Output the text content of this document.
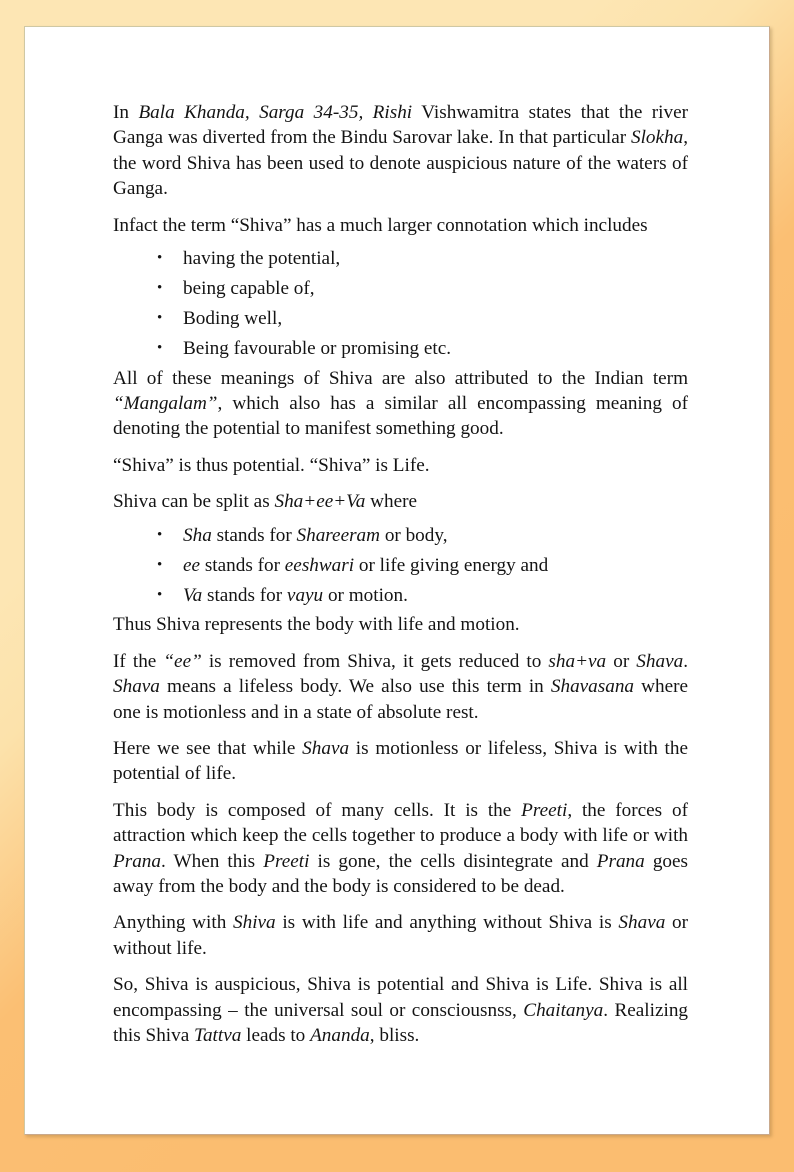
In Bala Khanda, Sarga 34-35, Rishi Vishwamitra states that the river Ganga was diverted from the Bindu Sarovar lake. In that particular Slokha, the word Shiva has been used to denote auspicious nature of the waters of Ganga.

Infact the term “Shiva” has a much larger connotation which includes

• having the potential,
• being capable of,
• Boding well,
• Being favourable or promising etc.

All of these meanings of Shiva are also attributed to the Indian term “Mangalam”, which also has a similar all encompassing meaning of denoting the potential to manifest something good.

“Shiva” is thus potential. “Shiva” is Life.

Shiva can be split as Sha+ee+Va where

• Sha stands for Shareeram or body,
• ee stands for eeshwari or life giving energy and
• Va stands for vayu or motion.

Thus Shiva represents the body with life and motion.

If the “ee” is removed from Shiva, it gets reduced to sha+va or Shava. Shava means a lifeless body. We also use this term in Shavasana where one is motionless and in a state of absolute rest.

Here we see that while Shava is motionless or lifeless, Shiva is with the potential of life.

This body is composed of many cells. It is the Preeti, the forces of attraction which keep the cells together to produce a body with life or with Prana. When this Preeti is gone, the cells disintegrate and Prana goes away from the body and the body is considered to be dead.

Anything with Shiva is with life and anything without Shiva is Shava or without life.

So, Shiva is auspicious, Shiva is potential and Shiva is Life. Shiva is all encompassing – the universal soul or consciousnss, Chaitanya. Realizing this Shiva Tattva leads to Ananda, bliss.
